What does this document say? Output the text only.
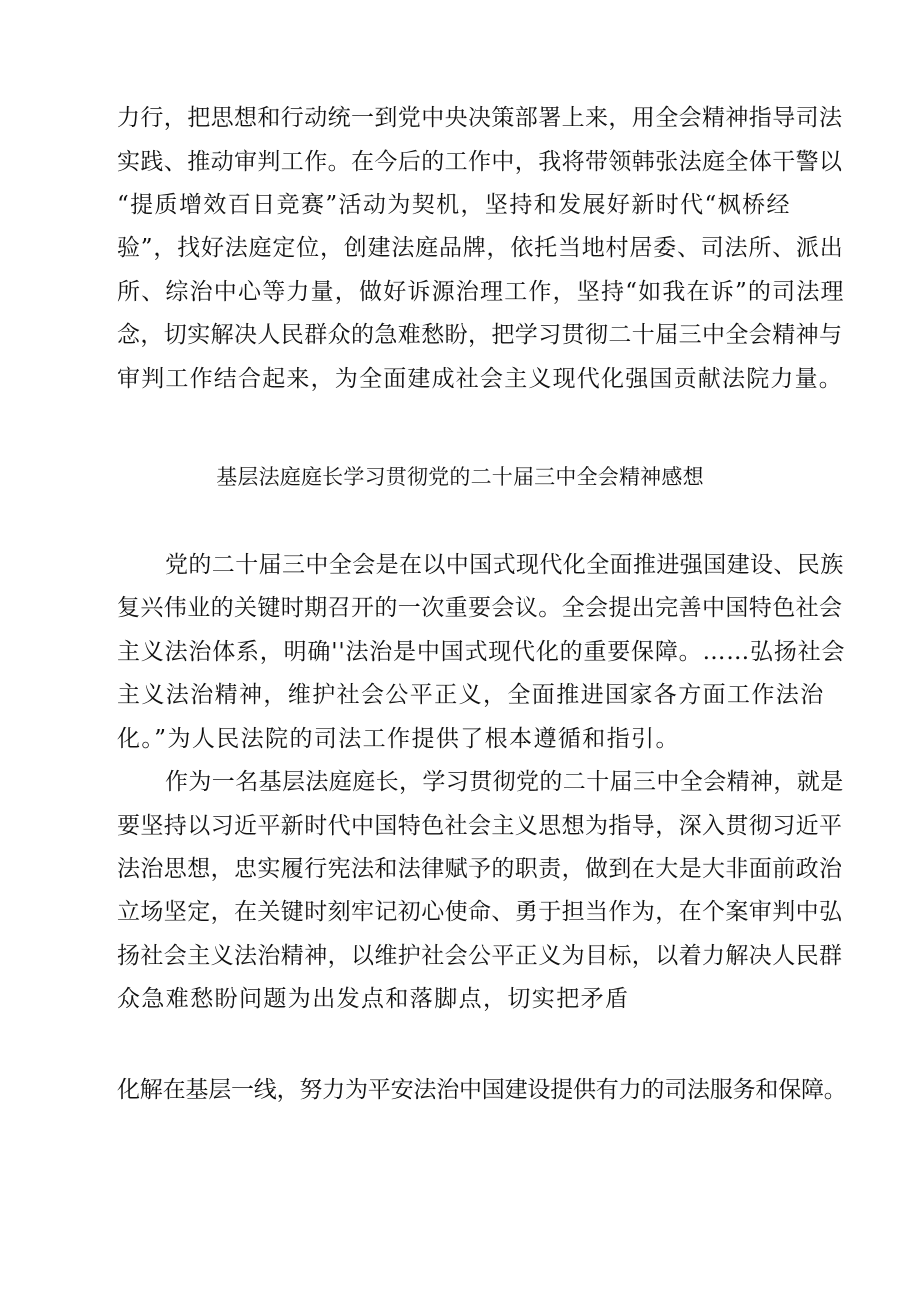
力行，把思想和行动统一到党中央决策部署上来，用全会精神指导司法
实践、推动审判工作。在今后的工作中，我将带领韩张法庭全体干警以
“提质增效百日竞赛”活动为契机，坚持和发展好新时代“枫桥经
验”，找好法庭定位，创建法庭品牌，依托当地村居委、司法所、派出
所、综治中心等力量，做好诉源治理工作，坚持“如我在诉”的司法理
念，切实解决人民群众的急难愁盼，把学习贯彻二十届三中全会精神与
审判工作结合起来，为全面建成社会主义现代化强国贡献法院力量。
基层法庭庭长学习贯彻党的二十届三中全会精神感想
党的二十届三中全会是在以中国式现代化全面推进强国建设、民族
复兴伟业的关键时期召开的一次重要会议。全会提出完善中国特色社会
主义法治体系，明确''法治是中国式现代化的重要保障。……弘扬社会
主义法治精神，维护社会公平正义，全面推进国家各方面工作法治
化。”为人民法院的司法工作提供了根本遵循和指引。
作为一名基层法庭庭长，学习贯彻党的二十届三中全会精神，就是
要坚持以习近平新时代中国特色社会主义思想为指导，深入贯彻习近平
法治思想，忠实履行宪法和法律赋予的职责，做到在大是大非面前政治
立场坚定，在关键时刻牢记初心使命、勇于担当作为，在个案审判中弘
扬社会主义法治精神，以维护社会公平正义为目标，以着力解决人民群
众急难愁盼问题为出发点和落脚点，切实把矛盾
化解在基层一线，努力为平安法治中国建设提供有力的司法服务和保障。
